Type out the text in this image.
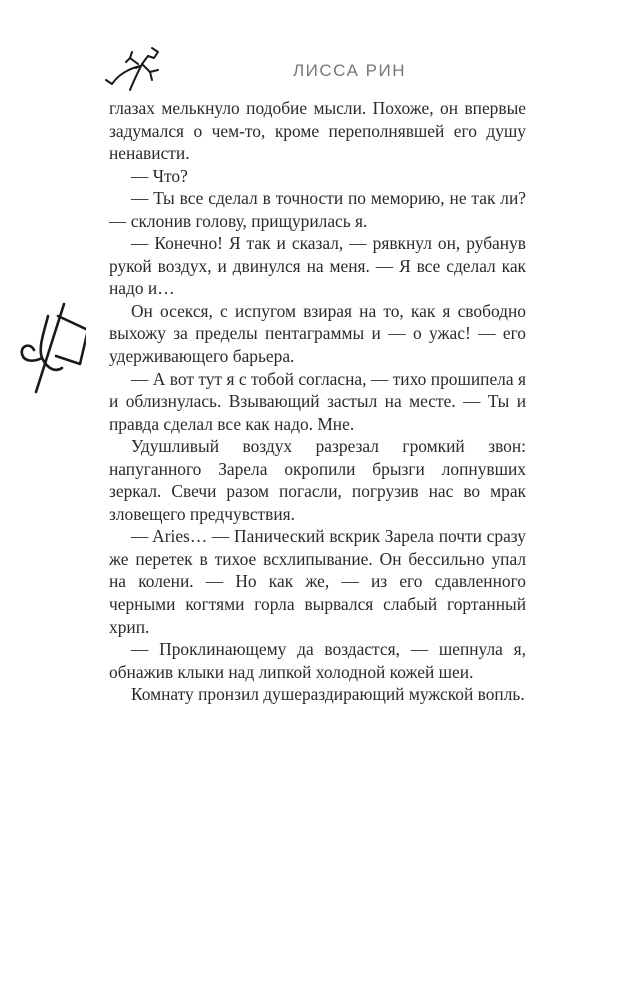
ЛИССА РИН

глазах мелькнуло подобие мысли. Похоже, он впервые задумался о чем-то, кроме переполнявшей его душу ненависти.

— Что?

— Ты все сделал в точности по меморию, не так ли? — склонив голову, прищурилась я.

— Конечно! Я так и сказал, — рявкнул он, рубанув рукой воздух, и двинулся на меня. — Я все сделал как надо и…

Он осекся, с испугом взирая на то, как я свободно выхожу за пределы пентаграммы и — о ужас! — его удерживающего барьера.

— А вот тут я с тобой согласна, — тихо прошипела я и облизнулась. Взывающий застыл на месте. — Ты и правда сделал все как надо. Мне.

Удушливый воздух разрезал громкий звон: напуганного Зарела окропили брызги лопнувших зеркал. Свечи разом погасли, погрузив нас во мрак зловещего предчувствия.

— Aries… — Панический вскрик Зарела почти сразу же перетек в тихое всхлипывание. Он бессильно упал на колени. — Но как же, — из его сдавленного черными когтями горла вырвался слабый гортанный хрип.

— Проклинающему да воздастся, — шепнула я, обнажив клыки над липкой холодной кожей шеи.

Комнату пронзил душераздирающий мужской вопль.
